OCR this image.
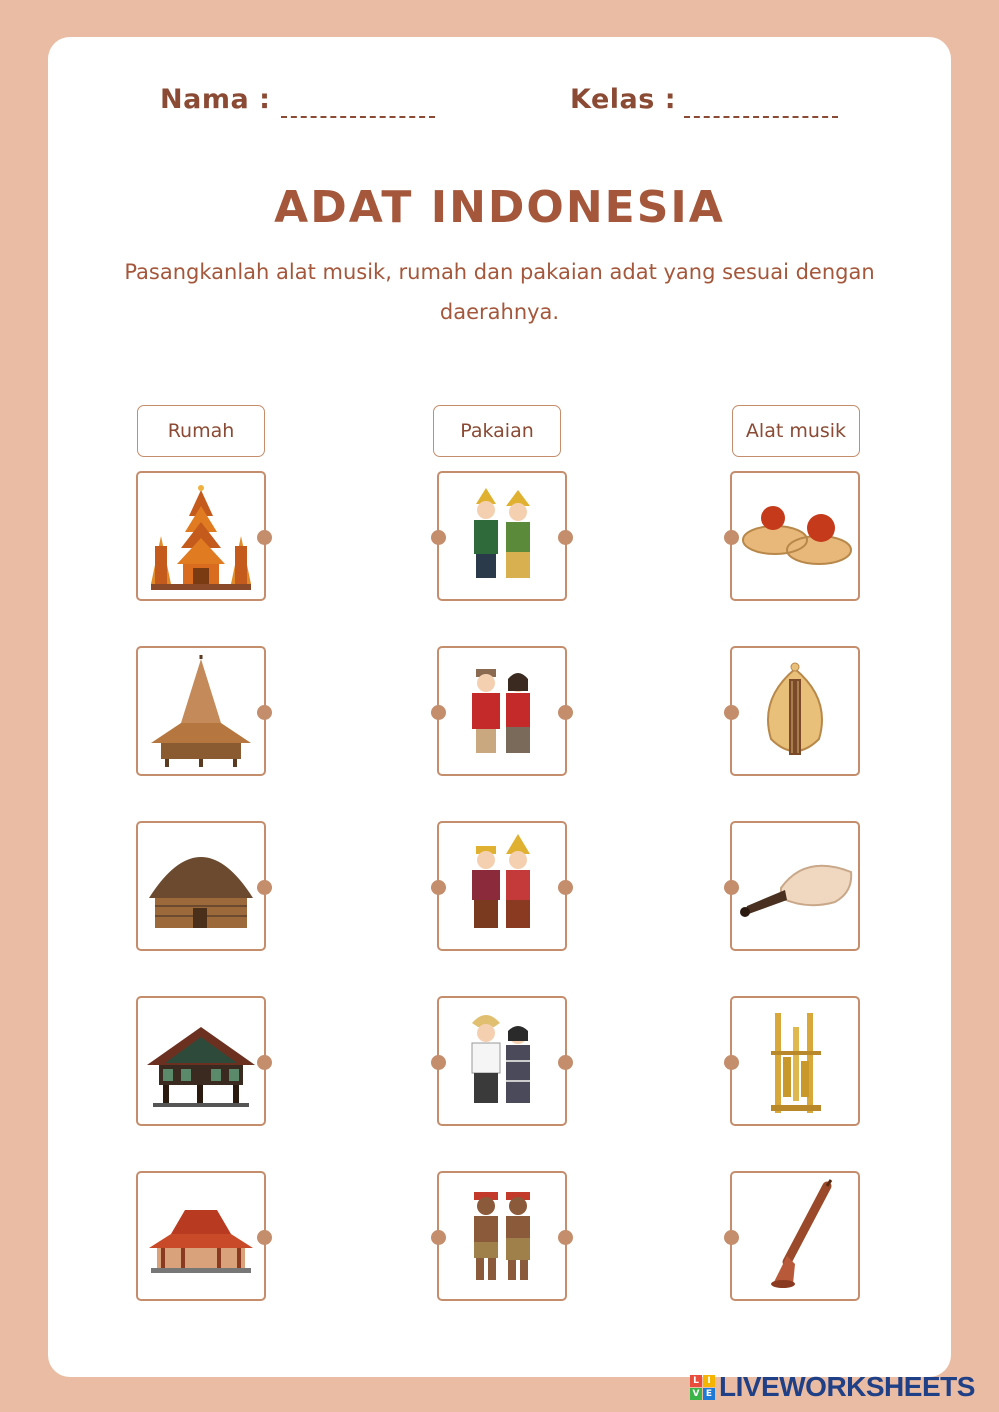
Nama :	Kelas :
ADAT INDONESIA
Pasangkanlah alat musik, rumah dan pakaian adat yang sesuai dengan daerahnya.
Rumah	Pakaian	Alat musik
L I
V E LIVEWORKSHEETS
